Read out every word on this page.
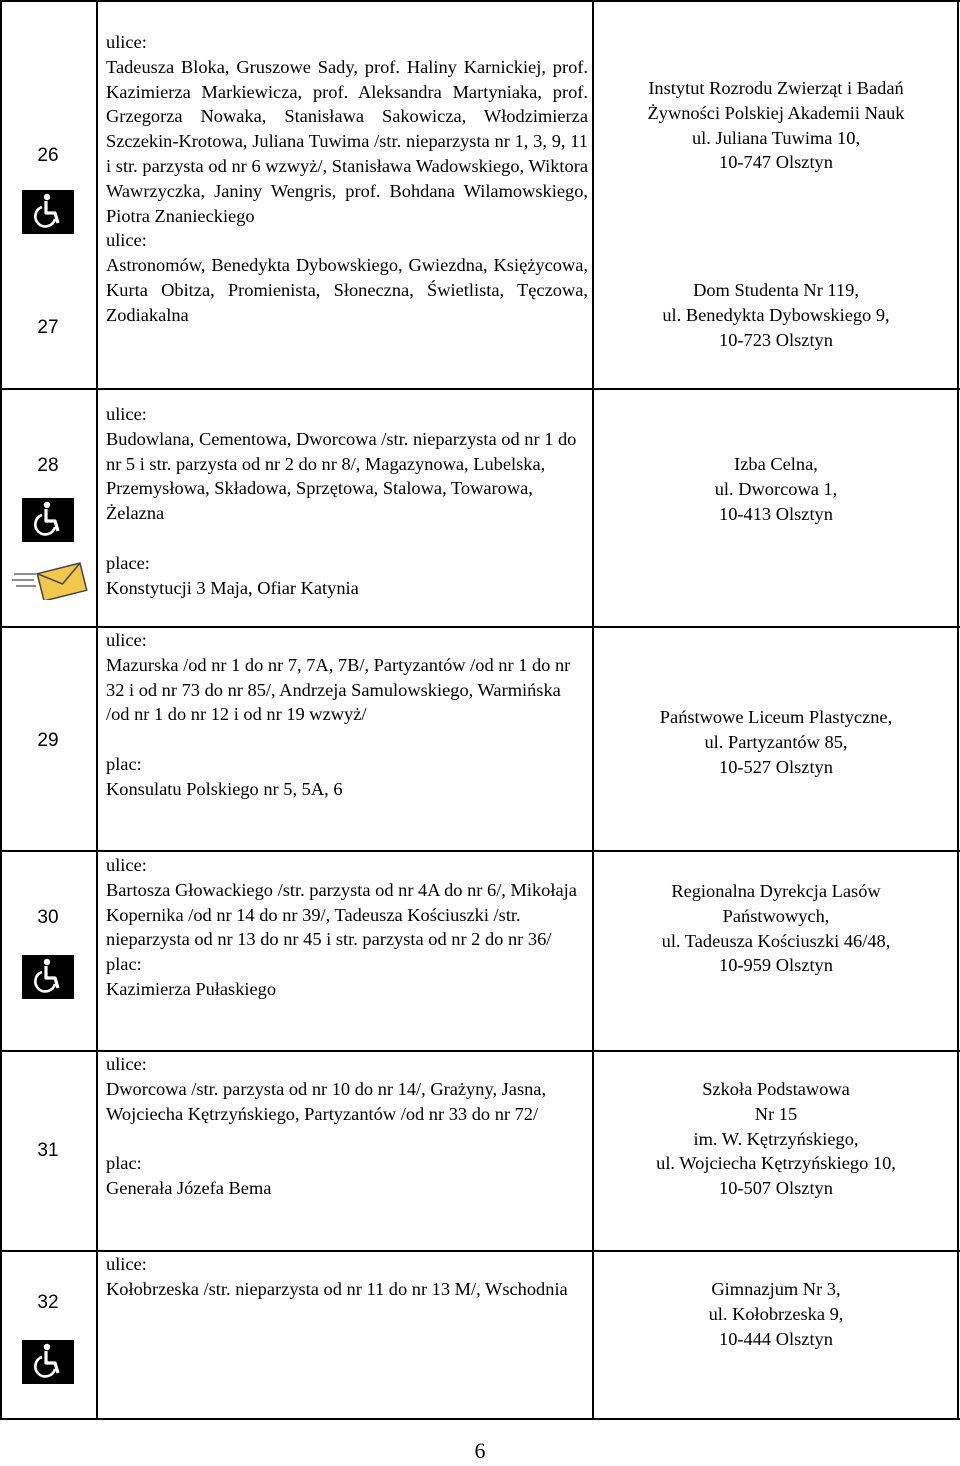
26
27

ulice:

Tadeusza Bloka, Gruszowe Sady, prof. Haliny Karnickiej, prof. Kazimierza Markiewicza, prof. Aleksandra Martyniaka, prof. Grzegorza Nowaka, Stanisława Sakowicza, Włodzimierza Szczekin-Krotowa, Juliana Tuwima /str. nieparzysta nr 1, 3, 9, 11 i str. parzysta od nr 6 wzwyż/, Stanisława Wadowskiego, Wiktora Wawrzyczka, Janiny Wengris, prof. Bohdana Wilamowskiego, Piotra Znanieckiego

ulice:

Astronomów, Benedykta Dybowskiego, Gwiezdna, Księżycowa, Kurta Obitza, Promienista, Słoneczna, Świetlista, Tęczowa, Zodiakalna

Instytut Rozrodu Zwierząt i Badań

Żywności Polskiej Akademii Nauk

ul. Juliana Tuwima 10,

10-747 Olsztyn

Dom Studenta Nr 119,

ul. Benedykta Dybowskiego 9,

10-723 Olsztyn

28

ulice:

Budowlana, Cementowa, Dworcowa /str. nieparzysta od nr 1 do nr 5 i str. parzysta od nr 2 do nr 8/, Magazynowa, Lubelska, Przemysłowa, Składowa, Sprzętowa, Stalowa, Towarowa, Żelazna

place:

Konstytucji 3 Maja, Ofiar Katynia

Izba Celna,

ul. Dworcowa 1,

10-413 Olsztyn

29

ulice:

Mazurska /od nr 1 do nr 7, 7A, 7B/, Partyzantów /od nr 1 do nr 32 i od nr 73 do nr 85/, Andrzeja Samulowskiego, Warmińska /od nr 1 do nr 12 i od nr 19 wzwyż/

plac:

Konsulatu Polskiego nr 5, 5A, 6

Państwowe Liceum Plastyczne,

ul. Partyzantów 85,

10-527 Olsztyn

30

ulice:

Bartosza Głowackiego /str. parzysta od nr 4A do nr 6/, Mikołaja Kopernika /od nr 14 do nr 39/, Tadeusza Kościuszki /str. nieparzysta od nr 13 do nr 45 i str. parzysta od nr 2 do nr 36/

plac:

Kazimierza Pułaskiego

Regionalna Dyrekcja Lasów

Państwowych,

ul. Tadeusza Kościuszki 46/48,

10-959 Olsztyn

31

ulice:

Dworcowa /str. parzysta od nr 10 do nr 14/, Grażyny, Jasna, Wojciecha Kętrzyńskiego, Partyzantów /od nr 33 do nr 72/

plac:

Generała Józefa Bema

Szkoła Podstawowa

Nr 15

im. W. Kętrzyńskiego,

ul. Wojciecha Kętrzyńskiego 10,

10-507 Olsztyn

32

ulice:

Kołobrzeska /str. nieparzysta od nr 11 do nr 13 M/, Wschodnia	Gimnazjum Nr 3,

ul. Kołobrzeska 9,

10-444 Olsztyn

6
